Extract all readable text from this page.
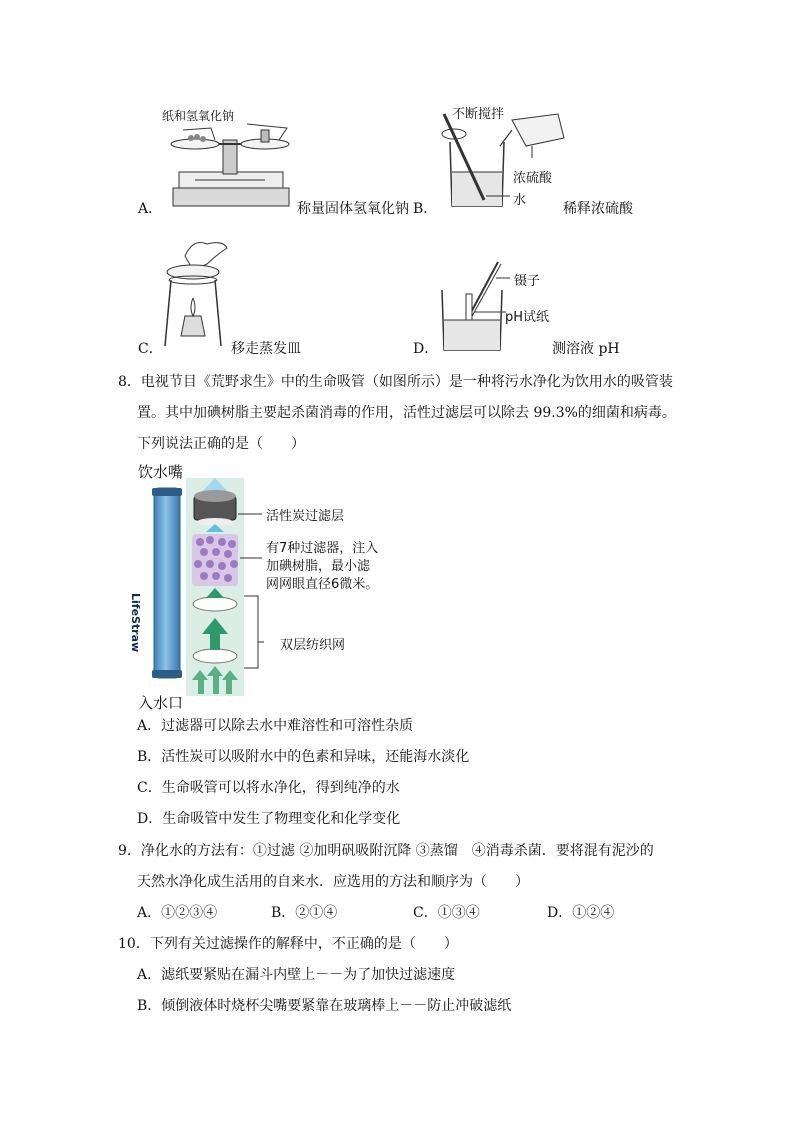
纸和氢氧化钠
A．	称量固体氢氧化钠
不断搅拌
浓硫酸
水
B．	稀释浓硫酸
C．	移走蒸发皿
镊子
pH试纸
D．	测溶液 pH
8．电视节目《荒野求生》中的生命吸管（如图所示）是一种将污水净化为饮用水的吸管装
置。其中加碘树脂主要起杀菌消毒的作用，活性过滤层可以除去 99.3%的细菌和病毒。
下列说法正确的是（　　）
饮水嘴
入水口
LifeStraw
活性炭过滤层
有7种过滤器，注入
加碘树脂，最小滤
网网眼直径6微米。
双层纺织网
A．过滤器可以除去水中难溶性和可溶性杂质
B．活性炭可以吸附水中的色素和异味，还能海水淡化
C．生命吸管可以将水净化，得到纯净的水
D．生命吸管中发生了物理变化和化学变化
9．净化水的方法有：①过滤 ②加明矾吸附沉降 ③蒸馏　④消毒杀菌．要将混有泥沙的
天然水净化成生活用的自来水．应选用的方法和顺序为（　　）
A．①②③④	B．②①④	C．①③④	D．①②④
10．下列有关过滤操作的解释中，不正确的是（　　）
A．滤纸要紧贴在漏斗内壁上－－为了加快过滤速度
B．倾倒液体时烧杯尖嘴要紧靠在玻璃棒上－－防止冲破滤纸
